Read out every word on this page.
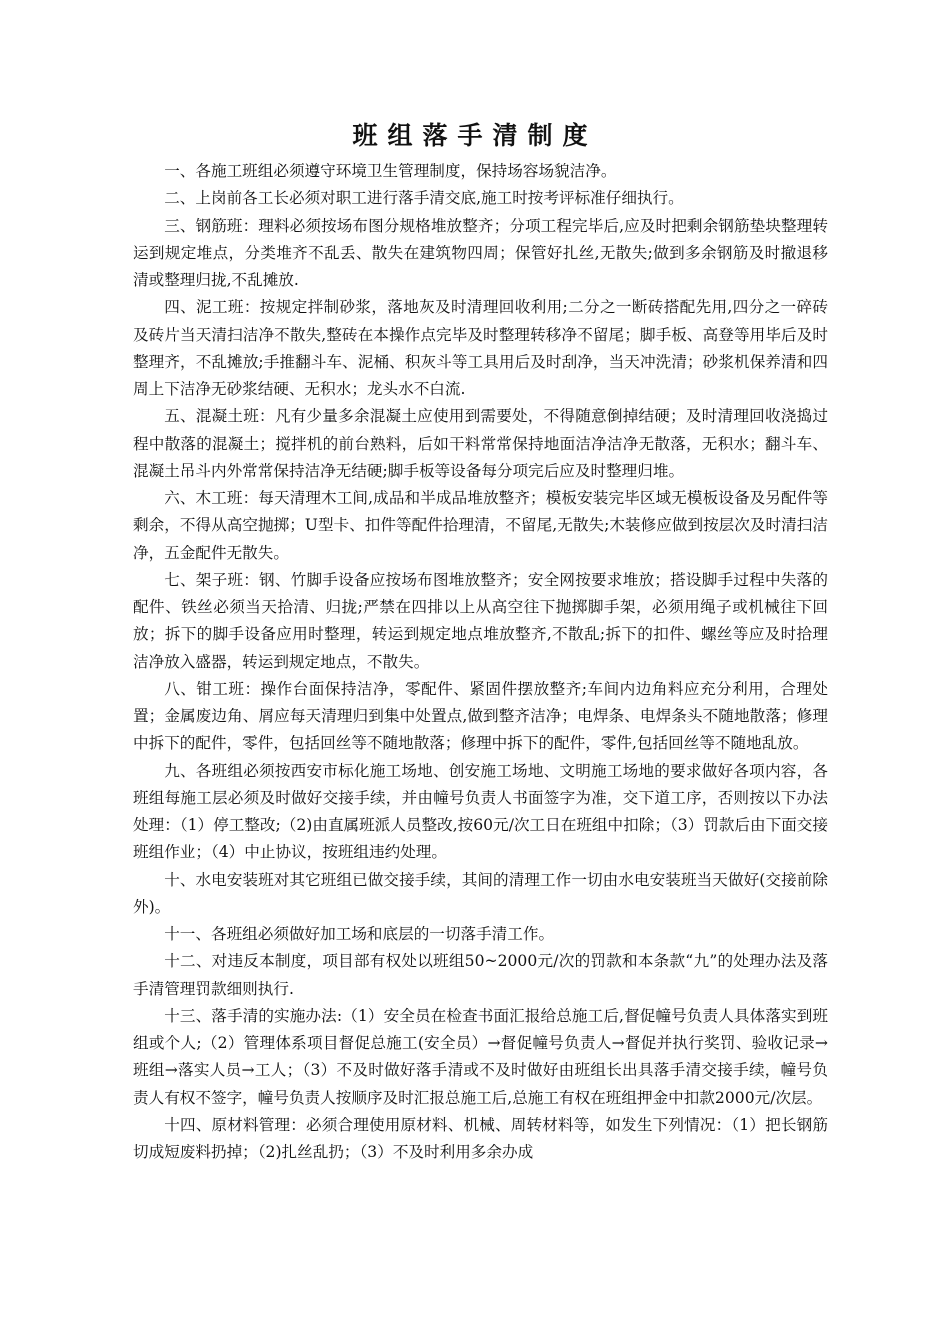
班组落手清制度

一、各施工班组必须遵守环境卫生管理制度，保持场容场貌洁净。

二、上岗前各工长必须对职工进行落手清交底,施工时按考评标准仔细执行。

三、钢筋班：理料必须按场布图分规格堆放整齐；分项工程完毕后,应及时把剩余钢筋垫块整理转运到规定堆点，分类堆齐不乱丢、散失在建筑物四周；保管好扎丝,无散失;做到多余钢筋及时撤退移清或整理归拢,不乱摊放.

四、泥工班：按规定拌制砂浆，落地灰及时清理回收利用;二分之一断砖搭配先用,四分之一碎砖及砖片当天清扫洁净不散失,整砖在本操作点完毕及时整理转移净不留尾；脚手板、高登等用毕后及时整理齐，不乱摊放;手推翻斗车、泥桶、积灰斗等工具用后及时刮净，当天冲洗清；砂浆机保养清和四周上下洁净无砂浆结硬、无积水；龙头水不白流.

五、混凝土班：凡有少量多余混凝土应使用到需要处，不得随意倒掉结硬；及时清理回收浇捣过程中散落的混凝土；搅拌机的前台熟料，后如干料常常保持地面洁净洁净无散落，无积水；翻斗车、混凝土吊斗内外常常保持洁净无结硬;脚手板等设备每分项完后应及时整理归堆。

六、木工班：每天清理木工间,成品和半成品堆放整齐；模板安装完毕区域无模板设备及另配件等剩余，不得从高空抛掷；U型卡、扣件等配件拾理清，不留尾,无散失;木装修应做到按层次及时清扫洁净，五金配件无散失。

七、架子班：钢、竹脚手设备应按场布图堆放整齐；安全网按要求堆放；搭设脚手过程中失落的配件、铁丝必须当天拾清、归拢;严禁在四排以上从高空往下抛掷脚手架，必须用绳子或机械往下回放；拆下的脚手设备应用时整理，转运到规定地点堆放整齐,不散乱;拆下的扣件、螺丝等应及时拾理洁净放入盛器，转运到规定地点，不散失。

八、钳工班：操作台面保持洁净，零配件、紧固件摆放整齐;车间内边角料应充分利用，合理处置；金属废边角、屑应每天清理归到集中处置点,做到整齐洁净；电焊条、电焊条头不随地散落；修理中拆下的配件，零件，包括回丝等不随地散落；修理中拆下的配件，零件,包括回丝等不随地乱放。

九、各班组必须按西安市标化施工场地、创安施工场地、文明施工场地的要求做好各项内容，各班组每施工层必须及时做好交接手续，并由幢号负责人书面签字为准，交下道工序，否则按以下办法处理：（1）停工整改;（2)由直属班派人员整改,按60元/次工日在班组中扣除；（3）罚款后由下面交接班组作业；（4）中止协议，按班组违约处理。

十、水电安装班对其它班组已做交接手续，其间的清理工作一切由水电安装班当天做好(交接前除外)。

十一、各班组必须做好加工场和底层的一切落手清工作。

十二、对违反本制度，项目部有权处以班组50~2000元/次的罚款和本条款“九”的处理办法及落手清管理罚款细则执行.

十三、落手清的实施办法:（1）安全员在检查书面汇报给总施工后,督促幢号负责人具体落实到班组或个人;（2）管理体系项目督促总施工(安全员）→督促幢号负责人→督促并执行奖罚、验收记录→班组→落实人员→工人；（3）不及时做好落手清或不及时做好由班组长出具落手清交接手续，幢号负责人有权不签字，幢号负责人按顺序及时汇报总施工后,总施工有权在班组押金中扣款2000元/次层。

十四、原材料管理：必须合理使用原材料、机械、周转材料等，如发生下列情况：（1）把长钢筋切成短废料扔掉；（2)扎丝乱扔；（3）不及时利用多余办成
